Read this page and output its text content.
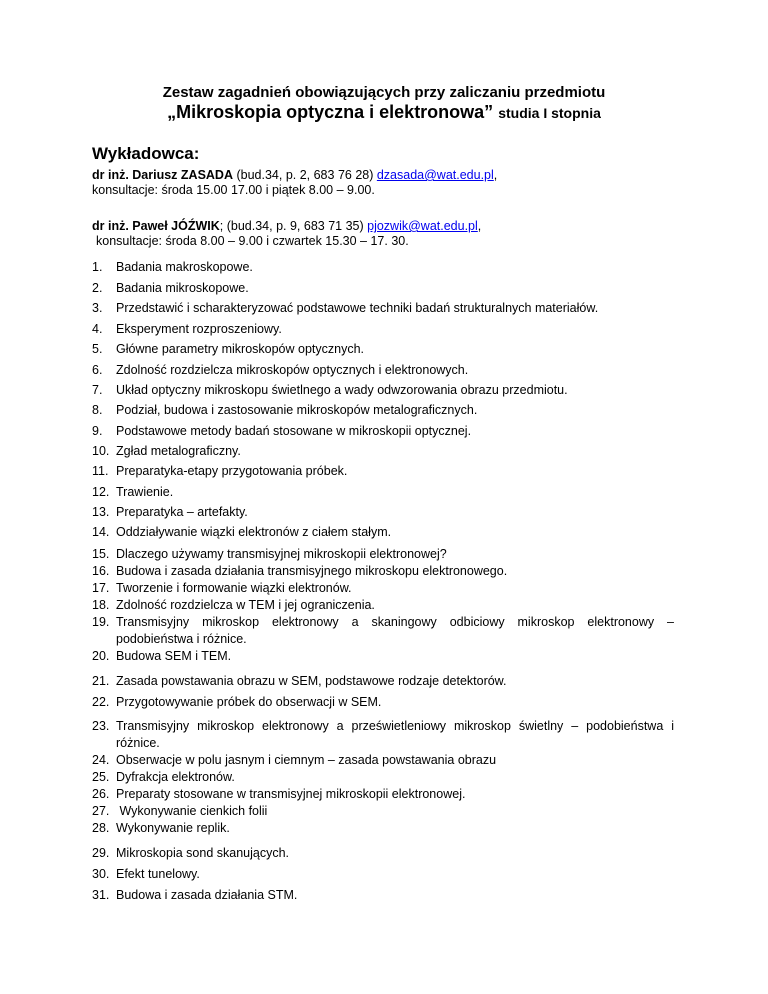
Zestaw zagadnień obowiązujących przy zaliczaniu przedmiotu
„Mikroskopia optyczna i elektronowa” studia I stopnia
Wykładowca:
dr inż. Dariusz ZASADA (bud.34, p. 2, 683 76 28) dzasada@wat.edu.pl,
konsultacje: środa 15.00 17.00 i piątek 8.00 – 9.00.
dr inż. Paweł JÓŹWIK; (bud.34, p. 9, 683 71 35) pjozwik@wat.edu.pl,
konsultacje: środa 8.00 – 9.00 i czwartek 15.30 – 17. 30.
1. Badania makroskopowe.
2. Badania mikroskopowe.
3. Przedstawić i scharakteryzować podstawowe techniki badań strukturalnych materiałów.
4. Eksperyment rozproszeniowy.
5. Główne parametry mikroskopów optycznych.
6. Zdolność rozdzielcza mikroskopów optycznych i elektronowych.
7. Układ optyczny mikroskopu świetlnego a wady odwzorowania obrazu przedmiotu.
8. Podział, budowa i zastosowanie mikroskopów metalograficznych.
9. Podstawowe metody badań stosowane w mikroskopii optycznej.
10. Zgład metalograficzny.
11. Preparatyka-etapy przygotowania próbek.
12. Trawienie.
13. Preparatyka – artefakty.
14. Oddziaływanie wiązki elektronów z ciałem stałym.
15. Dlaczego używamy transmisyjnej mikroskopii elektronowej?
16. Budowa i zasada działania transmisyjnego mikroskopu elektronowego.
17. Tworzenie i formowanie wiązki elektronów.
18. Zdolność rozdzielcza w TEM i jej ograniczenia.
19. Transmisyjny mikroskop elektronowy a skaningowy odbiciowy mikroskop elektronowy –
podobieństwa i różnice.
20. Budowa SEM i TEM.
21. Zasada powstawania obrazu w SEM, podstawowe rodzaje detektorów.
22. Przygotowywanie próbek do obserwacji w SEM.
23. Transmisyjny mikroskop elektronowy a prześwietleniowy mikroskop świetlny – podobieństwa i
różnice.
24. Obserwacje w polu jasnym i ciemnym – zasada powstawania obrazu
25. Dyfrakcja elektronów.
26. Preparaty stosowane w transmisyjnej mikroskopii elektronowej.
27. Wykonywanie cienkich folii
28. Wykonywanie replik.
29. Mikroskopia sond skanujących.
30. Efekt tunelowy.
31. Budowa i zasada działania STM.
